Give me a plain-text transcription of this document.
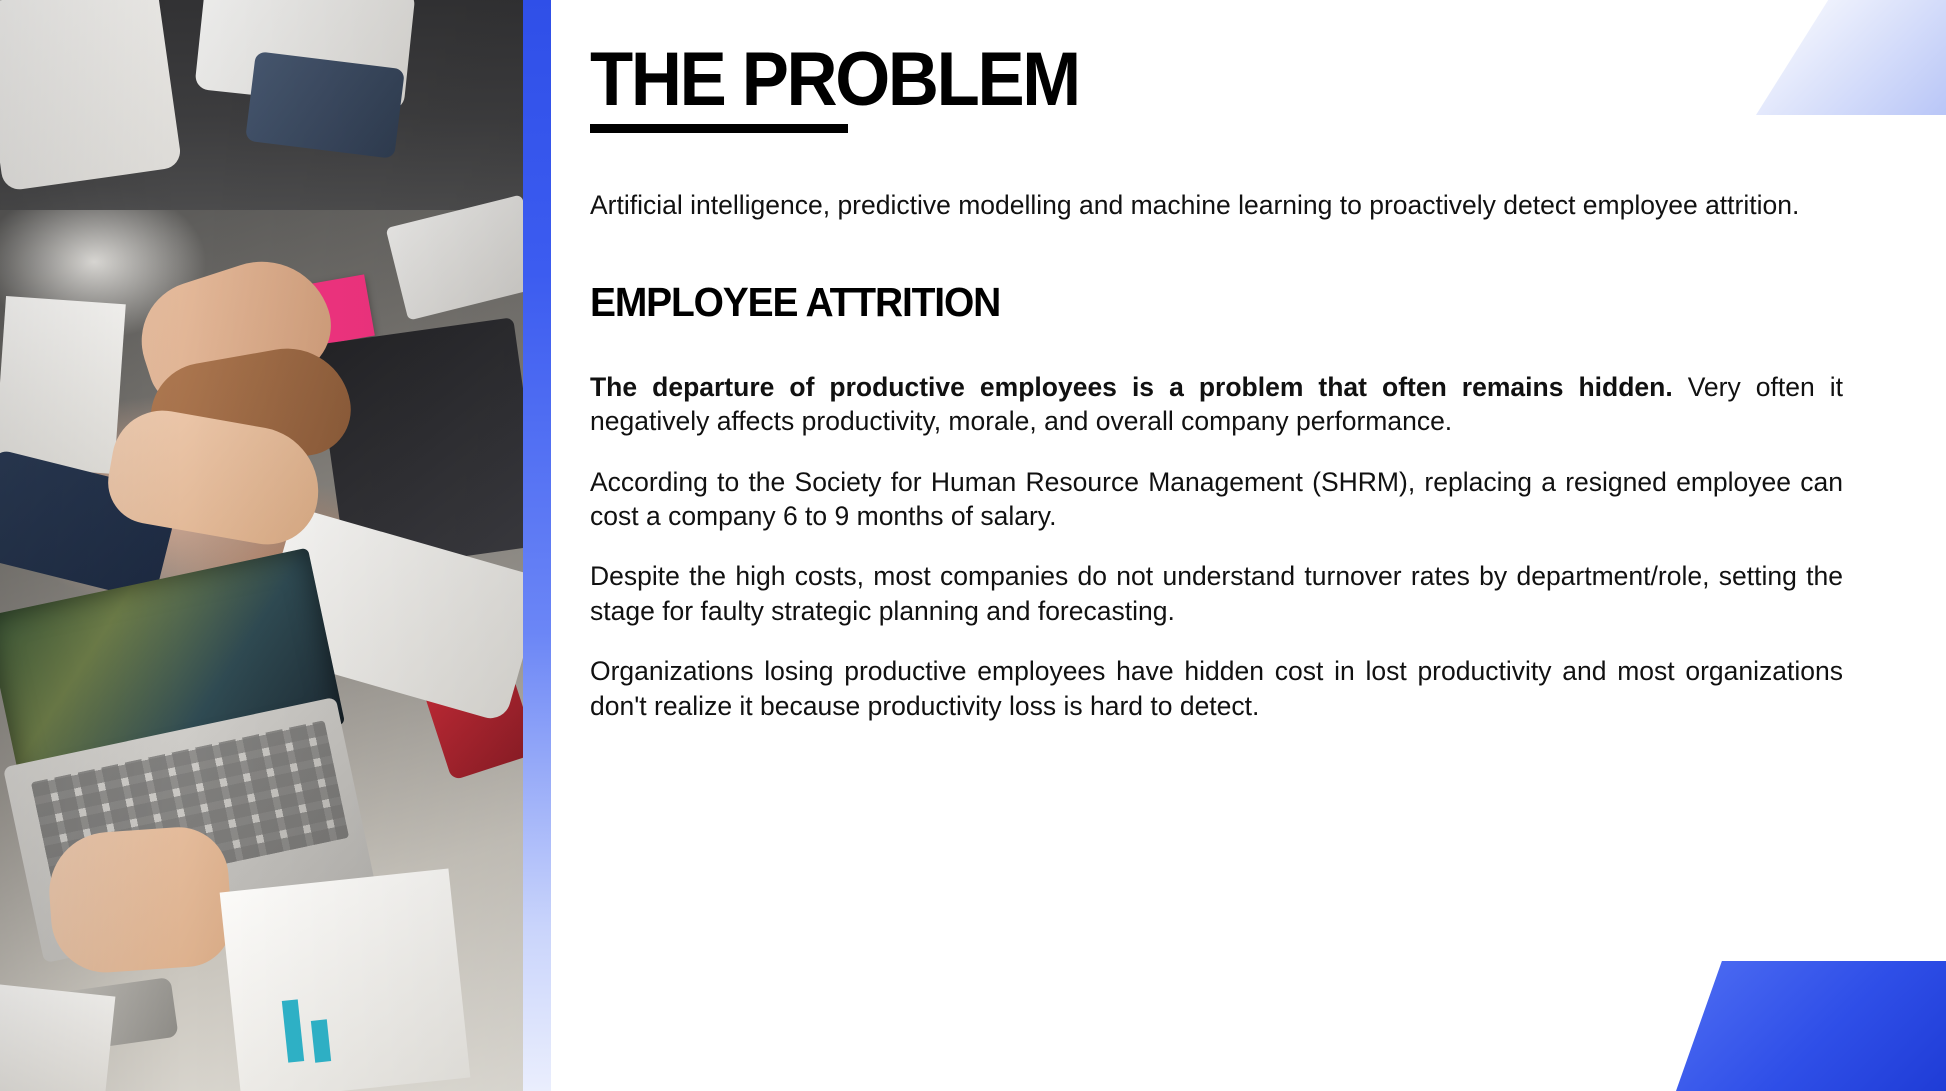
THE PROBLEM
Artificial intelligence, predictive modelling and machine learning to proactively detect employee attrition.
EMPLOYEE ATTRITION

The departure of productive employees is a problem that often remains hidden. Very often it negatively affects productivity, morale, and overall company performance.

According to the Society for Human Resource Management (SHRM), replacing a resigned employee can cost a company 6 to 9 months of salary.

Despite the high costs, most companies do not understand turnover rates by department/role, setting the stage for faulty strategic planning and forecasting.

Organizations losing productive employees have hidden cost in lost productivity and most organizations don't realize it because productivity loss is hard to detect.
